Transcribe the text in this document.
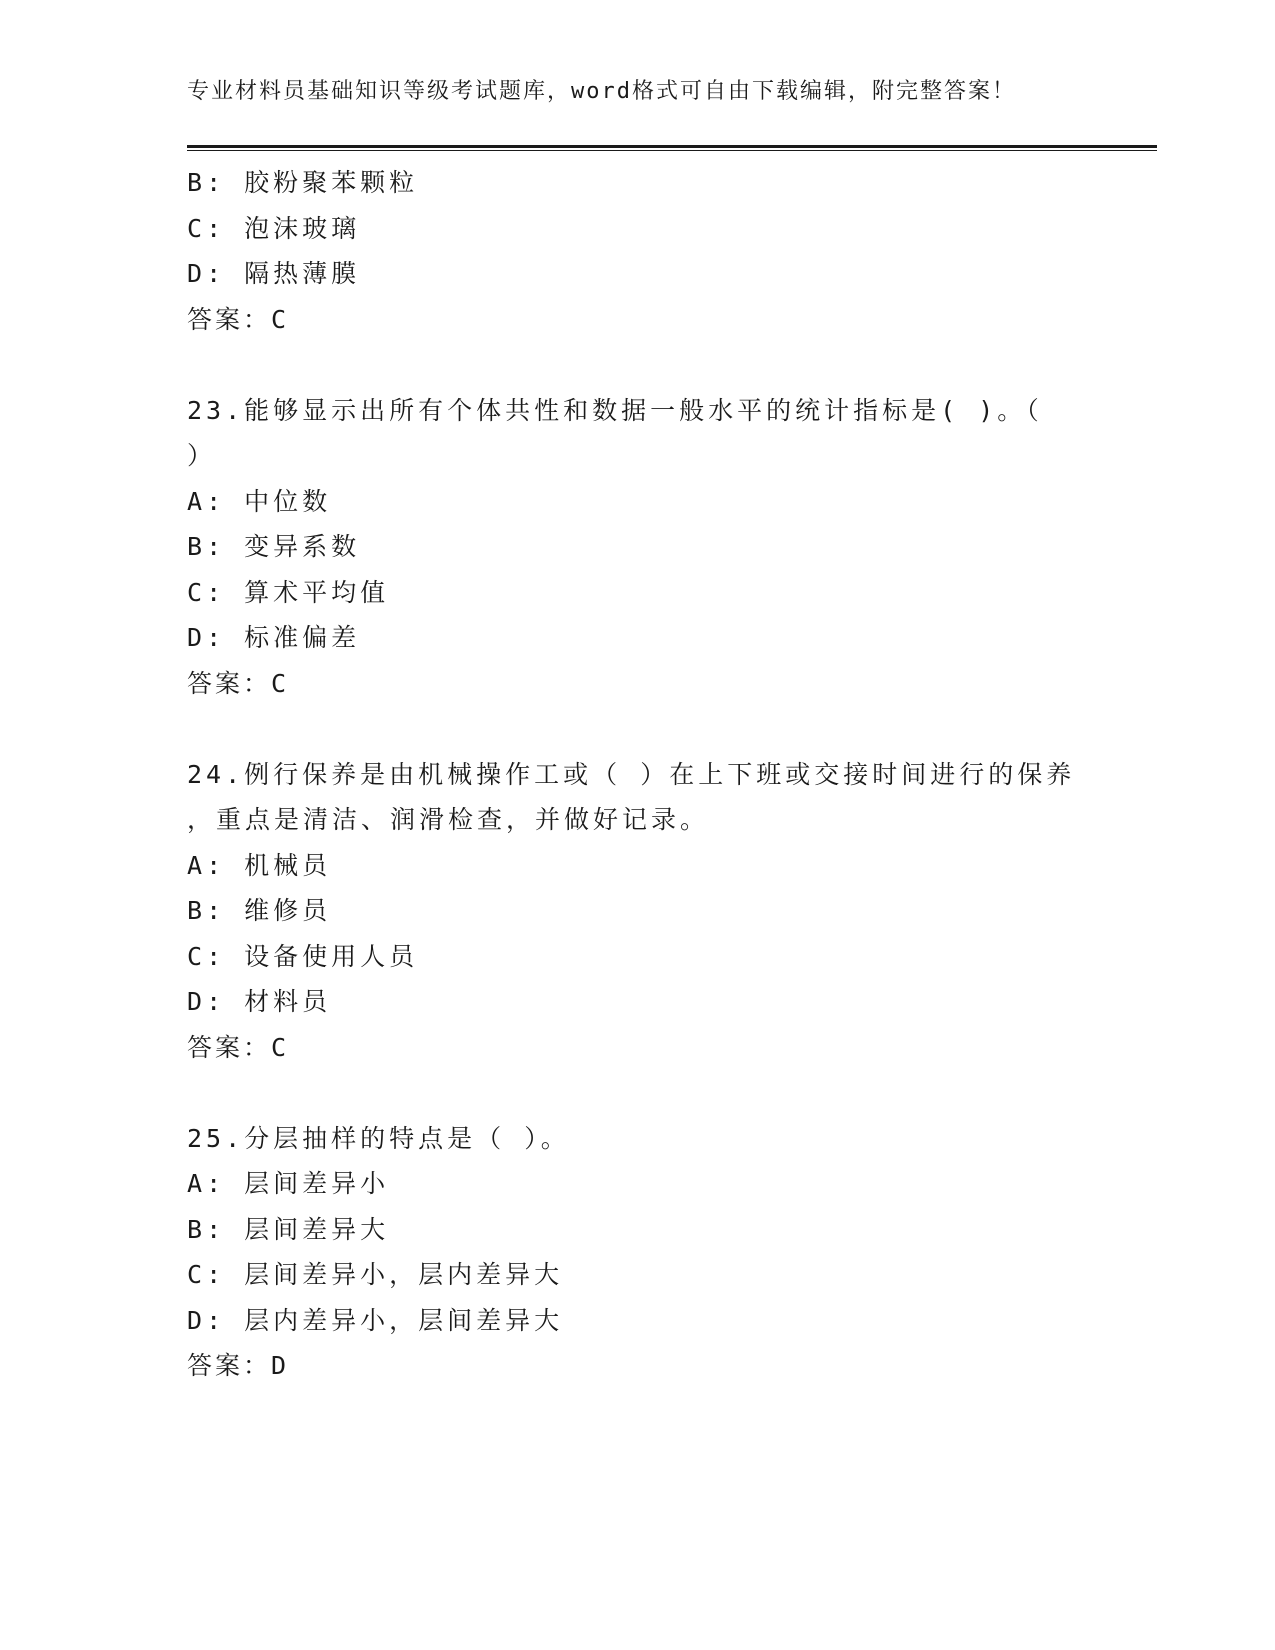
专业材料员基础知识等级考试题库，word格式可自由下载编辑，附完整答案！
B: 胶粉聚苯颗粒
C: 泡沫玻璃
D: 隔热薄膜
答案：C
23.能够显示出所有个体共性和数据一般水平的统计指标是( )。（
）
A: 中位数
B: 变异系数
C: 算术平均值
D: 标准偏差
答案：C
24.例行保养是由机械操作工或（ ）在上下班或交接时间进行的保养
，重点是清洁、润滑检查，并做好记录。
A: 机械员
B: 维修员
C: 设备使用人员
D: 材料员
答案：C
25.分层抽样的特点是（ ）。
A: 层间差异小
B: 层间差异大
C: 层间差异小，层内差异大
D: 层内差异小，层间差异大
答案：D
